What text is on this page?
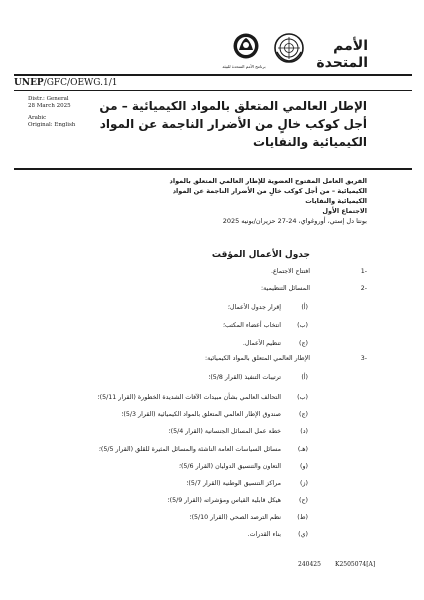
الأمم المتحدة
برنامج الأمم المتحدة للبيئة
UNEP/GFC/OEWG.1/1
Distr.: General
28 March 2025
Arabic
Original: English
الإطار العالمي المتعلق بالمواد الكيميائية – من أجل كوكب خالٍ من الأضرار الناجمة عن المواد الكيميائية والنفايات
الفريق العامل المفتوح العضوية للإطار العالمي المتعلق بالمواد الكيميائية – من أجل كوكب خالٍ من الأضرار الناجمة عن المواد الكيميائية والنفايات
الاجتماع الأول
بونتا دل إستي، أوروغواي، 24-27 حزيران/يونيه 2025
جدول الأعمال المؤقت
1-
افتتاح الاجتماع.
2-
المسائل التنظيمية:
(أ)
إقرار جدول الأعمال؛
(ب)
انتخاب أعضاء المكتب؛
(ج)
تنظيم الأعمال.
3-
الإطار العالمي المتعلق بالمواد الكيميائية:
(أ)
ترتيبات التنفيذ (القرار 5/8)؛
(ب)
التحالف العالمي بشأن مبيدات الآفات الشديدة الخطورة (القرار 5/11)؛
(ج)
صندوق الإطار العالمي المتعلق بالمواد الكيميائية (القرار 5/3)؛
(د)
خطة عمل المسائل الجنسانية (القرار 5/4)؛
(هـ)
مسائل السياسات العامة الناشئة والمسائل المثيرة للقلق (القرار 5/5)؛
(و)
التعاون والتنسيق الدوليان (القرار 5/6)؛
(ز)
مراكز التنسيق الوطنية (القرار 5/7)؛
(ح)
هيكل قابلية القياس ومؤشراته (القرار 5/9)؛
(ط)
نظم الترصد الصحي (القرار 5/10)؛
(ي)
بناء القدرات.
240425 K2505074[A]
